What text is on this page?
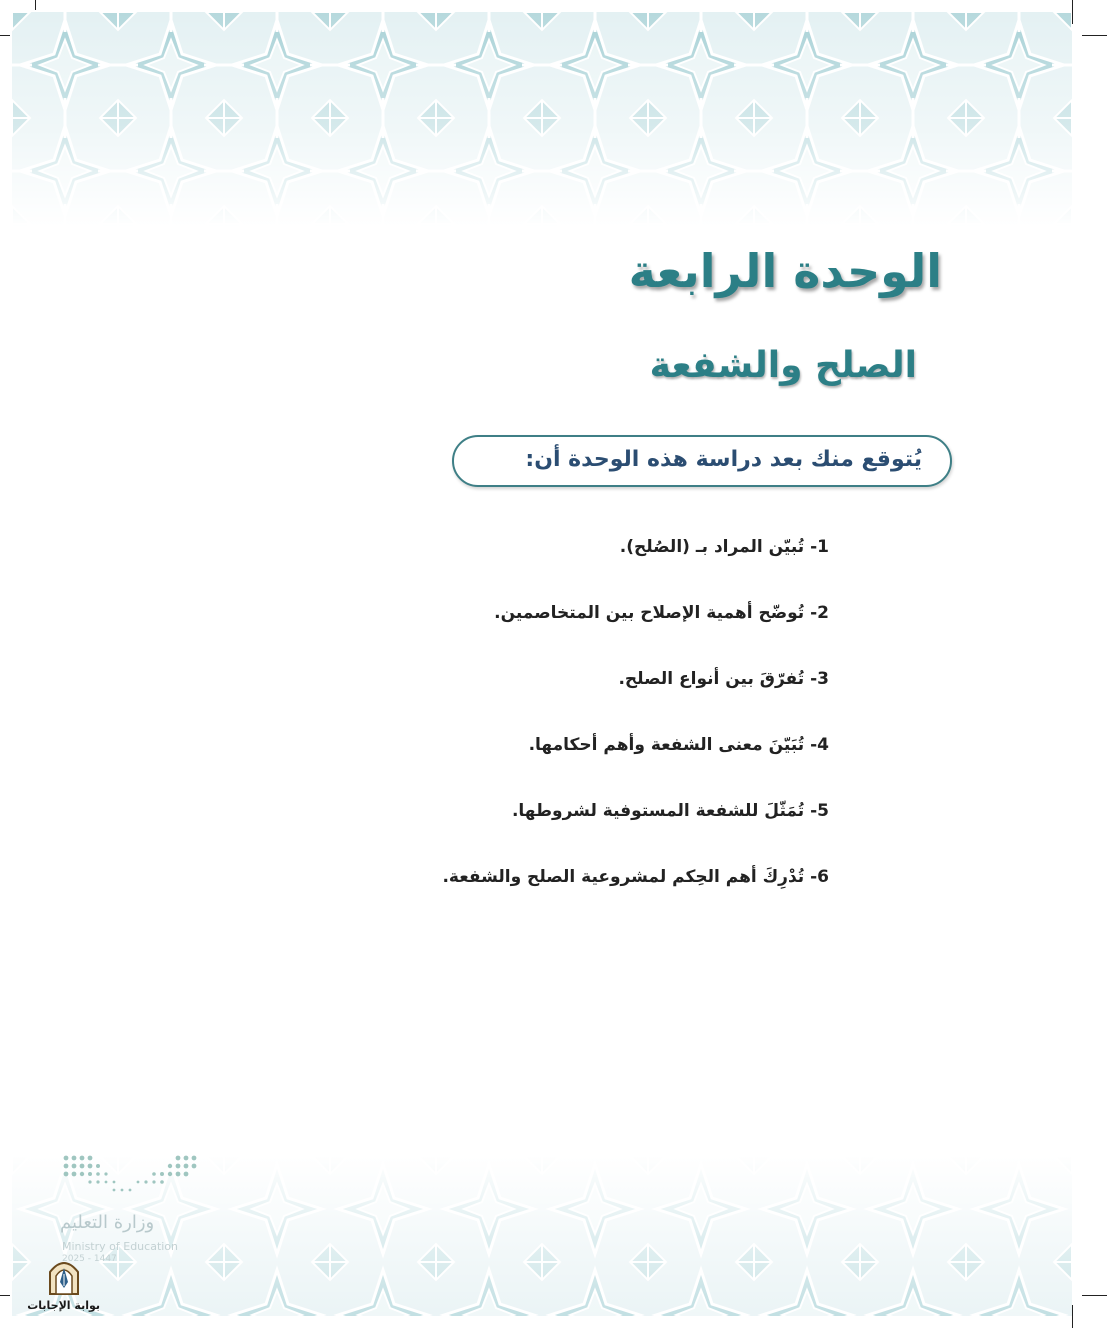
الوحدة الرابعة
الصلح والشفعة
يُتوقع منك بعد دراسة هذه الوحدة أن:
1- تُبيّن المراد بـ (الصُلح).
2- تُوضّح أهمية الإصلاح بين المتخاصمين.
3- تُفرّقَ بين أنواع الصلح.
4- تُبَيّنَ معنى الشفعة وأهم أحكامها.
5- تُمَثّلَ للشفعة المستوفية لشروطها.
6- تُدْرِكَ أهم الحِكم لمشروعية الصلح والشفعة.
وزارة التعليم
Ministry of Education
2025 - 1447
بوابة الإجابات
